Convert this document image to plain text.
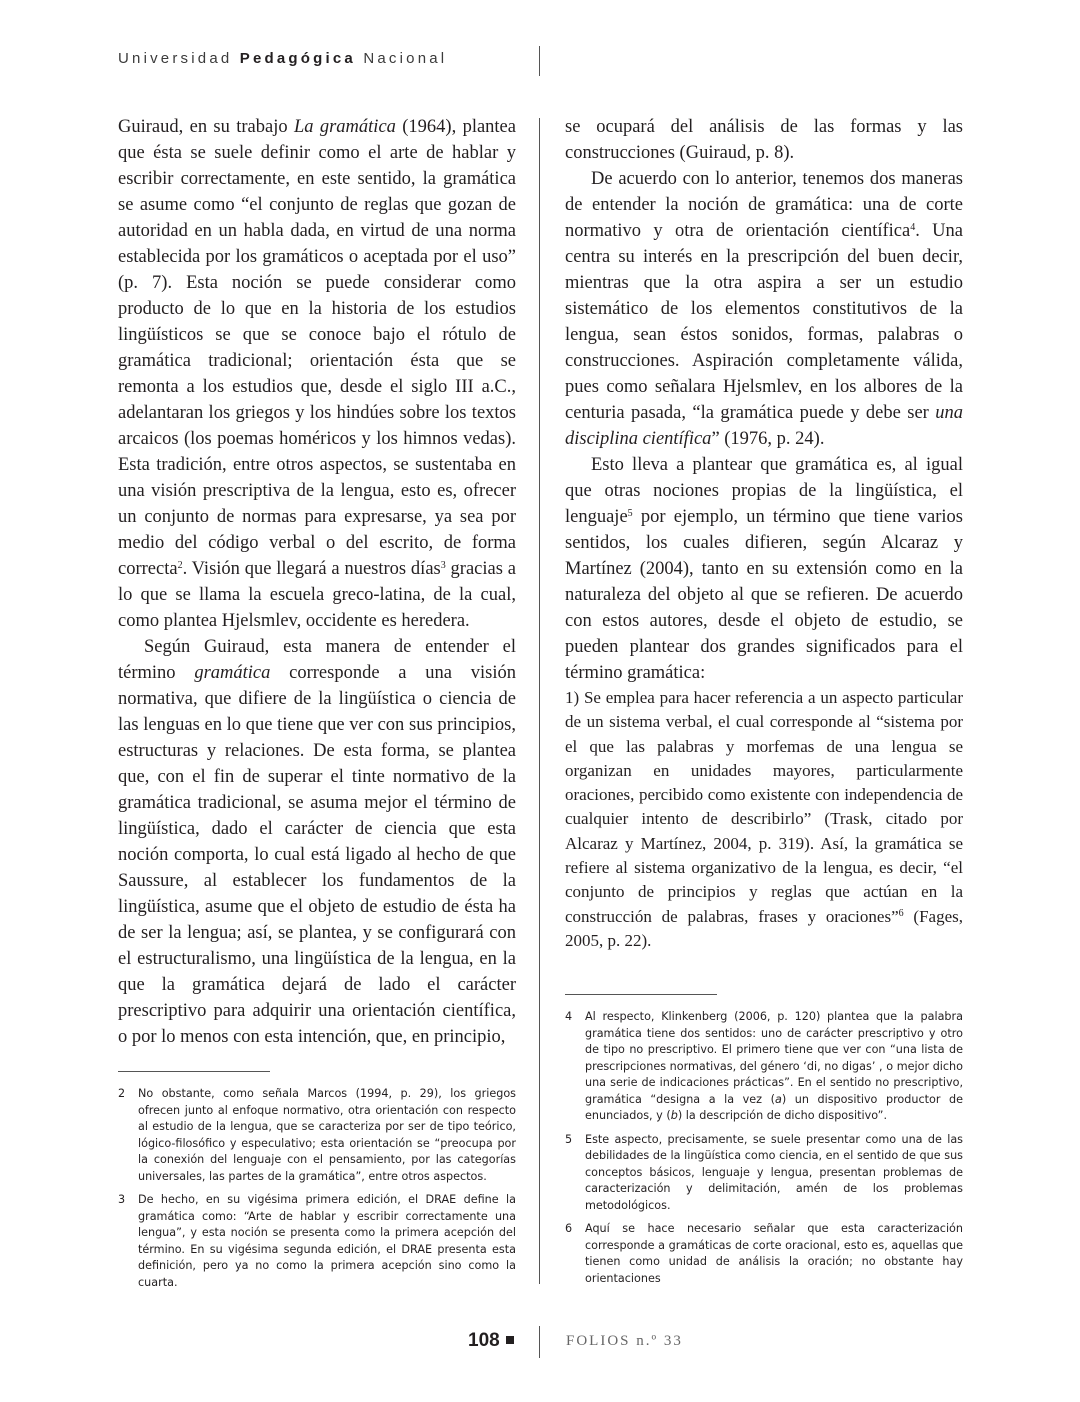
Universidad Pedagógica Nacional

Guiraud, en su trabajo La gramática (1964), plantea que ésta se suele definir como el arte de hablar y escribir correctamente, en este sentido, la gramática se asume como “el conjunto de reglas que gozan de autoridad en un habla dada, en virtud de una norma establecida por los gramáticos o aceptada por el uso” (p. 7). Esta noción se puede considerar como producto de lo que en la historia de los estudios lingüísticos se que se conoce bajo el rótulo de gramática tradicional; orientación ésta que se remonta a los estudios que, desde el siglo III a.C., adelantaran los griegos y los hindúes sobre los textos arcaicos (los poemas homéricos y los himnos vedas). Esta tradición, entre otros aspectos, se sustentaba en una visión prescriptiva de la lengua, esto es, ofrecer un conjunto de normas para expresarse, ya sea por medio del código verbal o del escrito, de forma correcta$^2$. Visión que llegará a nuestros días$^3$ gracias a lo que se llama la escuela greco-latina, de la cual, como plantea Hjelsmlev, occidente es heredera.

Según Guiraud, esta manera de entender el término gramática corresponde a una visión normativa, que difiere de la lingüística o ciencia de las lenguas en lo que tiene que ver con sus principios, estructuras y relaciones. De esta forma, se plantea que, con el fin de superar el tinte normativo de la gramática tradicional, se asuma mejor el término de lingüística, dado el carácter de ciencia que esta noción comporta, lo cual está ligado al hecho de que Saussure, al establecer los fundamentos de la lingüística, asume que el objeto de estudio de ésta ha de ser la lengua; así, se plantea, y se configurará con el estructuralismo, una lingüística de la lengua, en la que la gramática dejará de lado el carácter prescriptivo para adquirir una orientación científica, o por lo menos con esta intención, que, en principio,

se ocupará del análisis de las formas y las construcciones (Guiraud, p. 8).

De acuerdo con lo anterior, tenemos dos maneras de entender la noción de gramática: una de corte normativo y otra de orientación científica$^4$. Una centra su interés en la prescripción del buen decir, mientras que la otra aspira a ser un estudio sistemático de los elementos constitutivos de la lengua, sean éstos sonidos, formas, palabras o construcciones. Aspiración completamente válida, pues como señalara Hjelsmlev, en los albores de la centuria pasada, “la gramática puede y debe ser una disciplina científica” (1976, p. 24).

Esto lleva a plantear que gramática es, al igual que otras nociones propias de la lingüística, el lenguaje$^5$ por ejemplo, un término que tiene varios sentidos, los cuales difieren, según Alcaraz y Martínez (2004), tanto en su extensión como en la naturaleza del objeto al que se refieren. De acuerdo con estos autores, desde el objeto de estudio, se pueden plantear dos grandes significados para el término gramática:

1) Se emplea para hacer referencia a un aspecto particular de un sistema verbal, el cual corresponde al “sistema por el que las palabras y morfemas de una lengua se organizan en unidades mayores, particularmente oraciones, percibido como existente con independencia de cualquier intento de describirlo” (Trask, citado por Alcaraz y Martínez, 2004, p. 319). Así, la gramática se refiere al sistema organizativo de la lengua, es decir, “el conjunto de principios y reglas que actúan en la construcción de palabras, frases y oraciones”$^6$ (Fages, 2005, p. 22).

2	No obstante, como señala Marcos (1994, p. 29), los griegos ofrecen junto al enfoque normativo, otra orientación con respecto al estudio de la lengua, que se caracteriza por ser de tipo teórico, lógico-filosófico y especulativo; esta orientación se “preocupa por la conexión del lenguaje con el pensamiento, por las categorías universales, las partes de la gramática”, entre otros aspectos.
3	De hecho, en su vigésima primera edición, el DRAE define la gramática como: “Arte de hablar y escribir correctamente una lengua”, y esta noción se presenta como la primera acepción del término. En su vigésima segunda edición, el DRAE presenta esta definición, pero ya no como la primera acepción sino como la cuarta.
4	Al respecto, Klinkenberg (2006, p. 120) plantea que la palabra gramática tiene dos sentidos: uno de carácter prescriptivo y otro de tipo no prescriptivo. El primero tiene que ver con “una lista de prescripciones normativas, del género ‘di, no digas’ , o mejor dicho una serie de indicaciones prácticas”. En el sentido no prescriptivo, gramática “designa a la vez (a) un dispositivo productor de enunciados, y (b) la descripción de dicho dispositivo”.
5	Este aspecto, precisamente, se suele presentar como una de las debilidades de la lingüística como ciencia, en el sentido de que sus conceptos básicos, lenguaje y lengua, presentan problemas de caracterización y delimitación, amén de los problemas metodológicos.
6	Aquí se hace necesario señalar que esta caracterización corresponde a gramáticas de corte oracional, esto es, aquellas que tienen como unidad de análisis la oración; no obstante hay orientaciones
108	FOLIOS n.º 33
